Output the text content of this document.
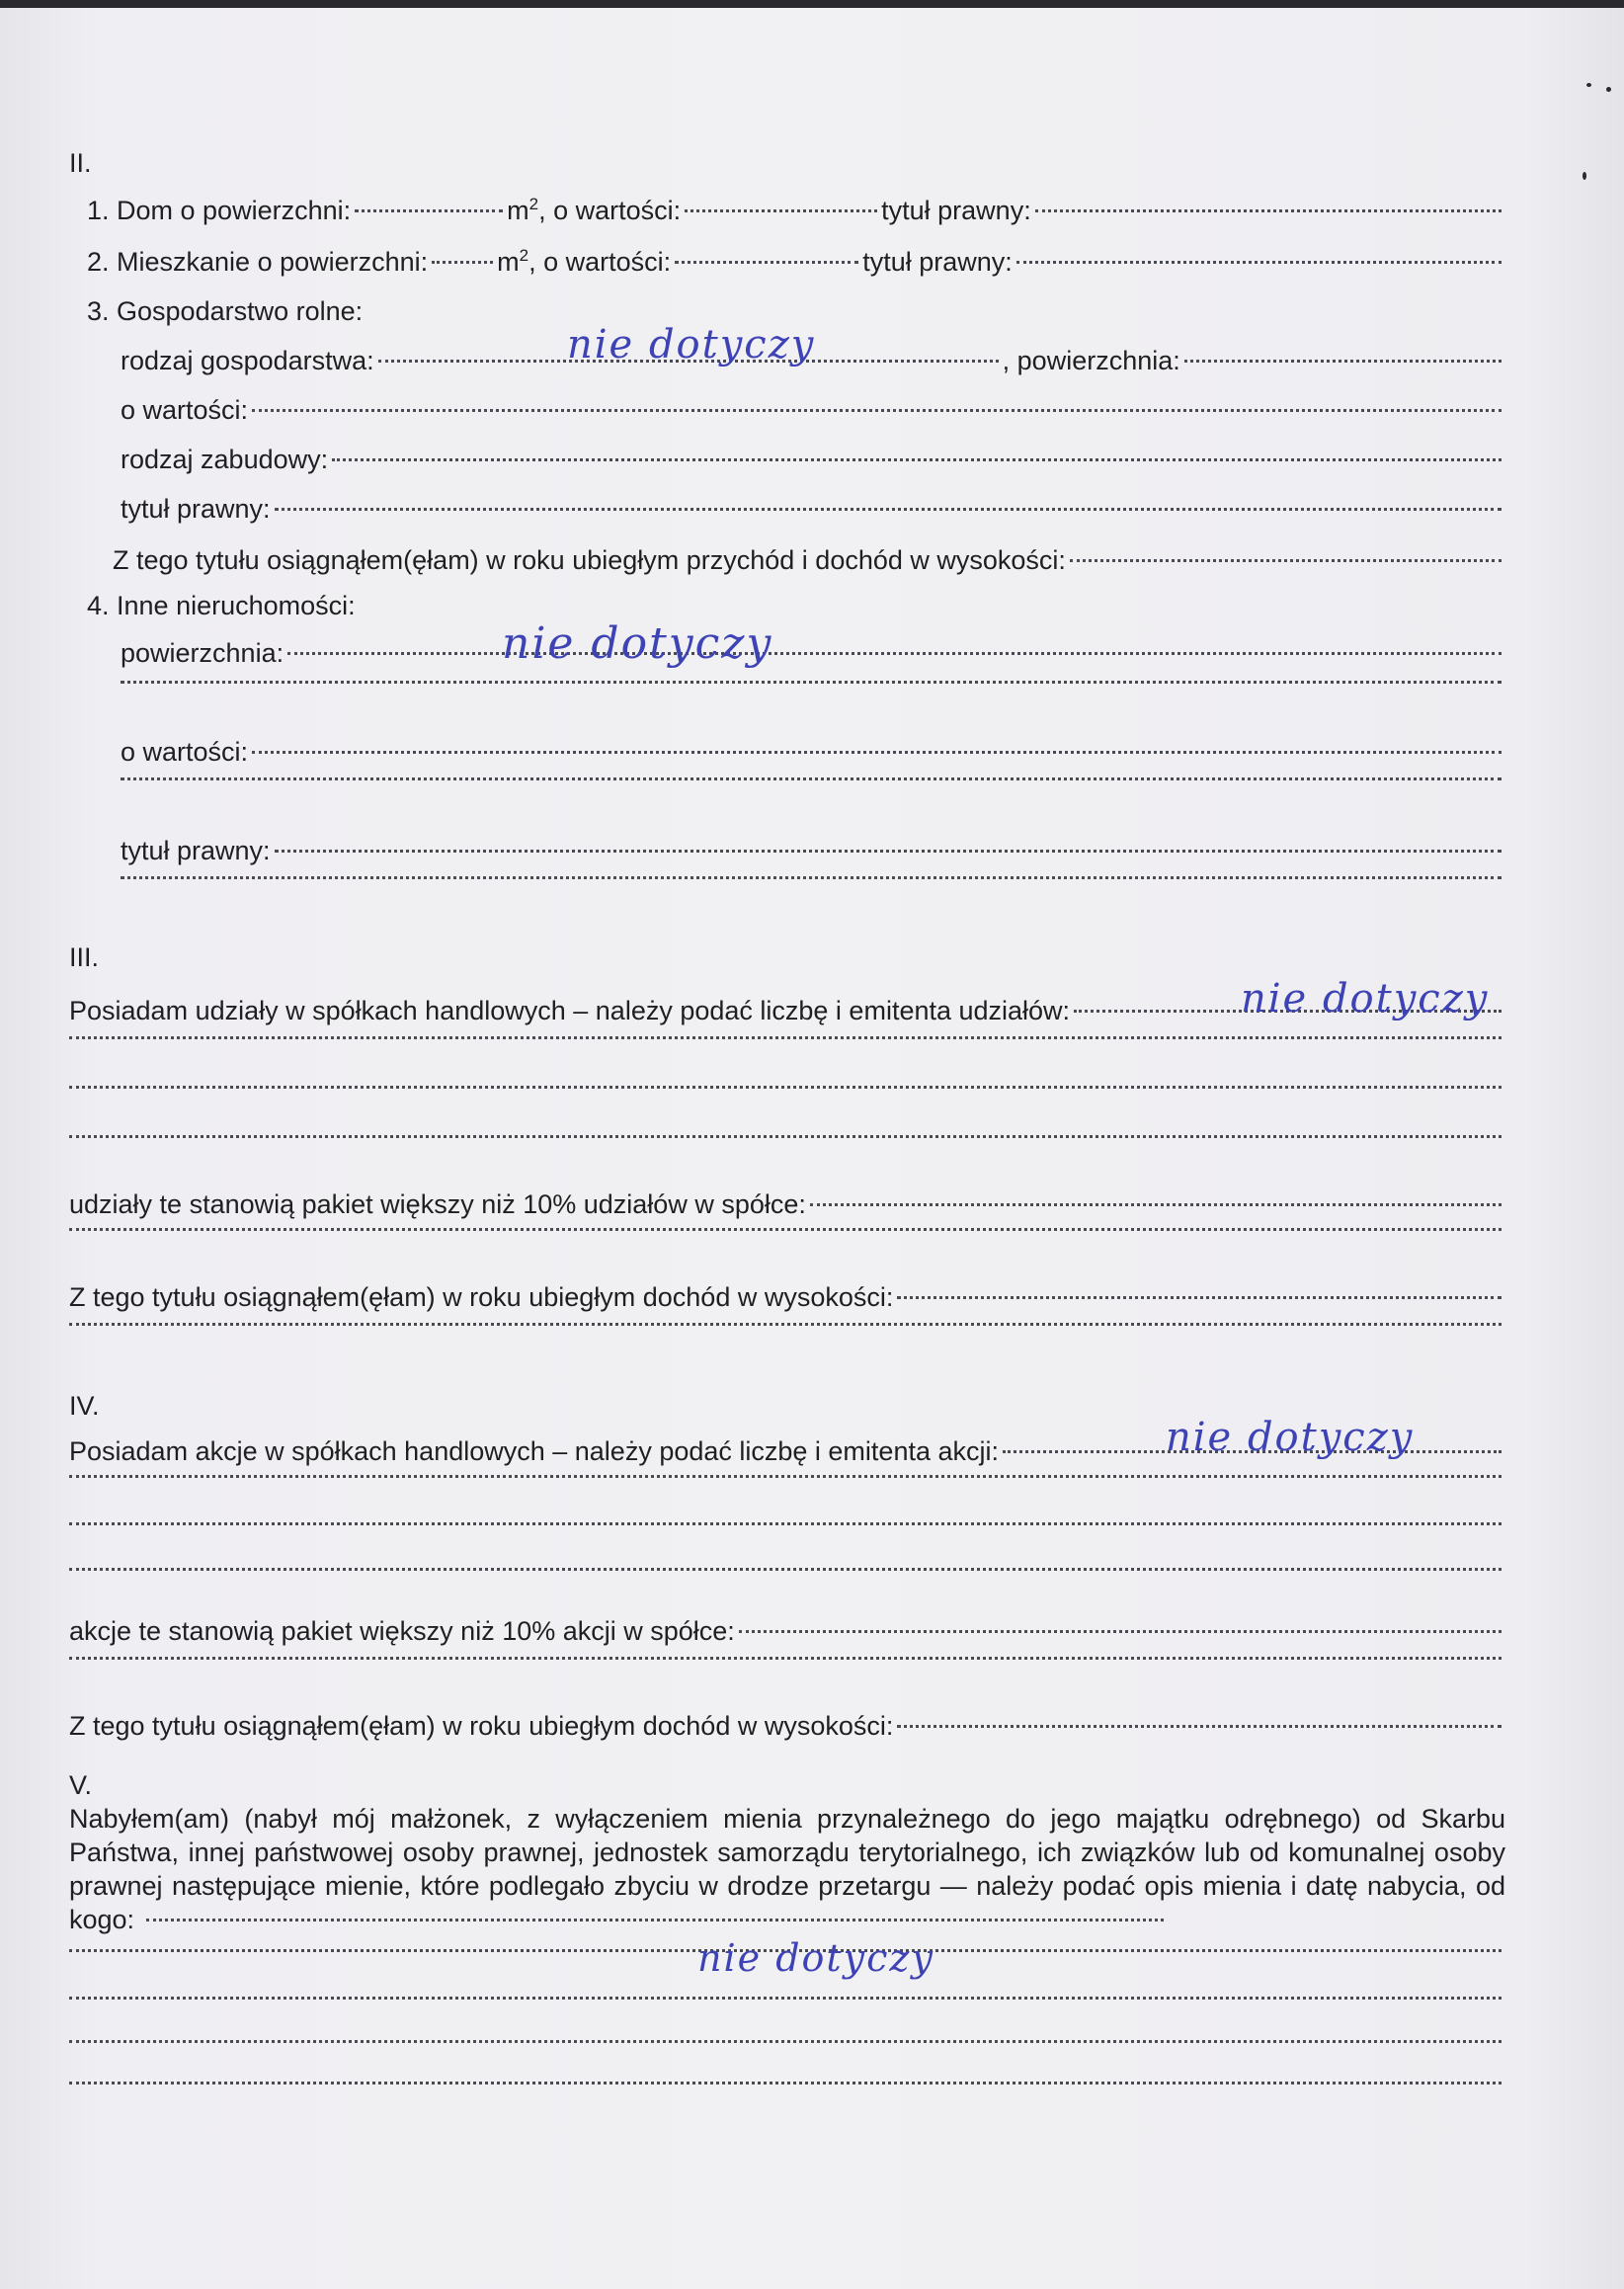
II.
1. Dom o powierzchni:	$m^2$ , o wartości:	tytuł prawny:
2. Mieszkanie o powierzchni:	$m^2$ , o wartości:	tytuł prawny:
3. Gospodarstwo rolne:
rodzaj gospodarstwa:	, powierzchnia:
o wartości:
rodzaj zabudowy:
tytuł prawny:
Z tego tytułu osiągnąłem(ęłam) w roku ubiegłym przychód i dochód w wysokości:
4. Inne nieruchomości:
powierzchnia:
o wartości:
tytuł prawny:
III.
Posiadam udziały w spółkach handlowych – należy podać liczbę i emitenta udziałów:
udziały te stanowią pakiet większy niż 10% udziałów w spółce:
Z tego tytułu osiągnąłem(ęłam) w roku ubiegłym dochód w wysokości:
IV.
Posiadam akcje w spółkach handlowych – należy podać liczbę i emitenta akcji:
akcje te stanowią pakiet większy niż 10% akcji w spółce:
Z tego tytułu osiągnąłem(ęłam) w roku ubiegłym dochód w wysokości:
V.
Nabyłem(am) (nabył mój małżonek, z wyłączeniem mienia przynależnego do jego majątku odrębnego) od Skarbu Państwa, innej państwowej osoby prawnej, jednostek samorządu terytorialnego, ich związków lub od komunalnej osoby prawnej następujące mienie, które podlegało zbyciu w drodze przetargu — należy podać opis mienia i datę nabycia, od kogo:
nie dotyczy
nie dotyczy
nie dotyczy
nie dotyczy
nie dotyczy
